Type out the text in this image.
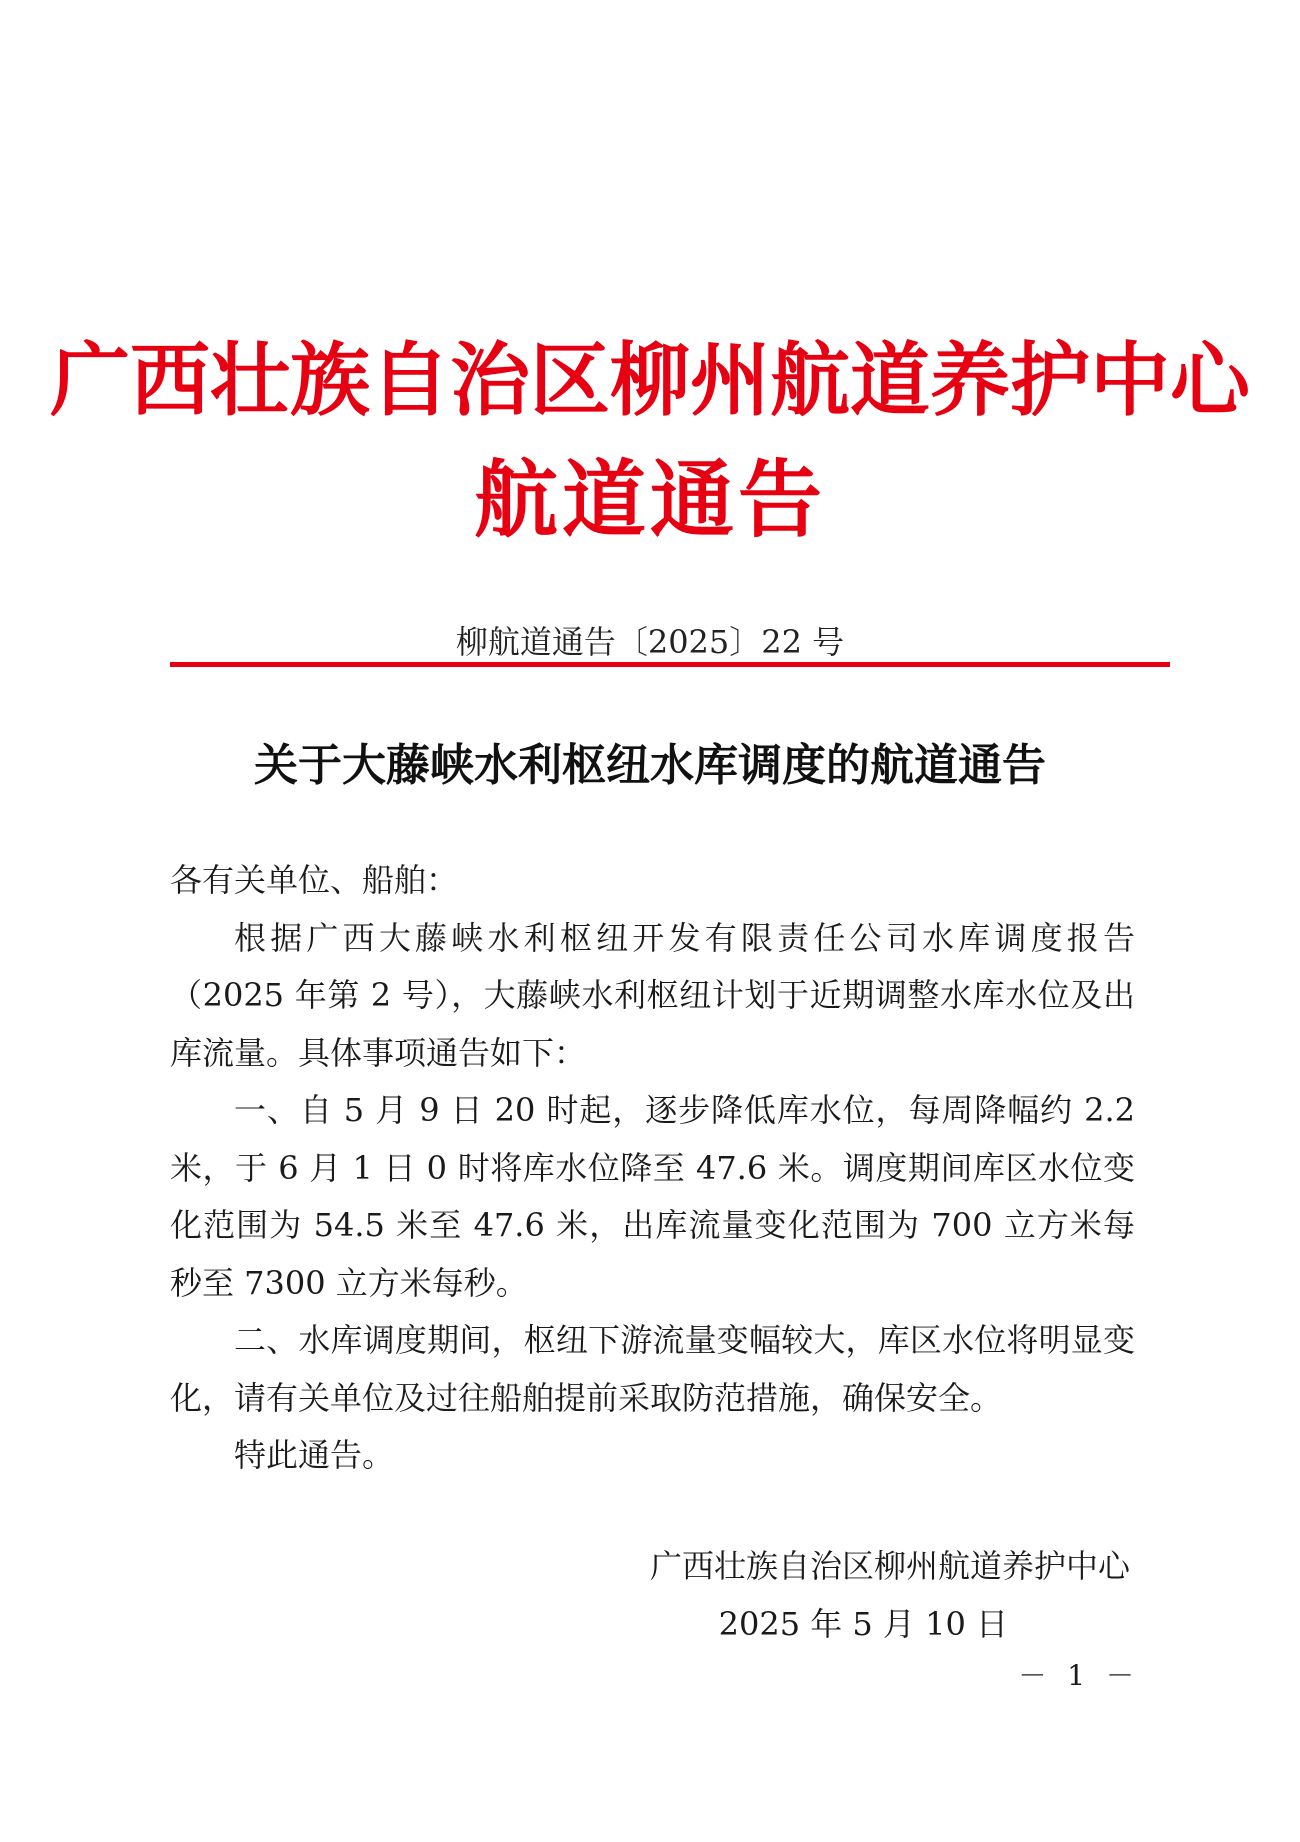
广西壮族自治区柳州航道养护中心
航道通告
柳航道通告〔2025〕22 号
关于大藤峡水利枢纽水库调度的航道通告

各有关单位、船舶：

根据广西大藤峡水利枢纽开发有限责任公司水库调度报告（2025 年第 2 号），大藤峡水利枢纽计划于近期调整水库水位及出库流量。具体事项通告如下：

一、自 5 月 9 日 20 时起，逐步降低库水位，每周降幅约 2.2 米，于 6 月 1 日 0 时将库水位降至 47.6 米。调度期间库区水位变化范围为 54.5 米至 47.6 米，出库流量变化范围为 700 立方米每秒至 7300 立方米每秒。

二、水库调度期间，枢纽下游流量变幅较大，库区水位将明显变化，请有关单位及过往船舶提前采取防范措施，确保安全。

特此通告。

广西壮族自治区柳州航道养护中心
2025 年 5 月 10 日
－ 1 －
